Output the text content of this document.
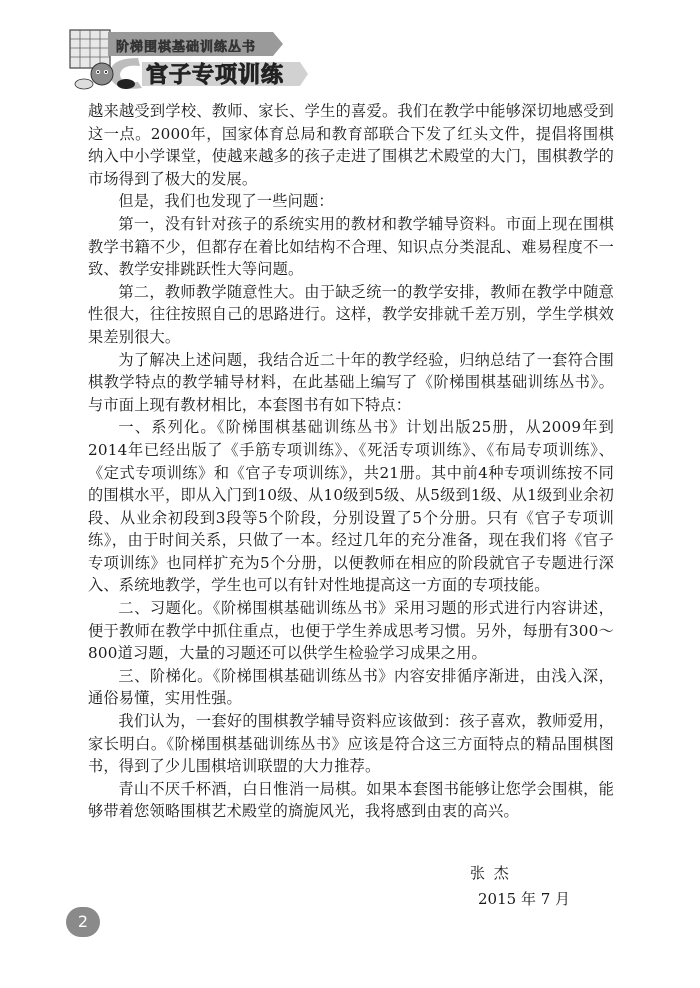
阶梯围棋基础训练丛书
官子专项训练

越来越受到学校、教师、家长、学生的喜爱。我们在教学中能够深切地感受到这一点。2000年，国家体育总局和教育部联合下发了红头文件，提倡将围棋纳入中小学课堂，使越来越多的孩子走进了围棋艺术殿堂的大门，围棋教学的市场得到了极大的发展。

但是，我们也发现了一些问题：

第一，没有针对孩子的系统实用的教材和教学辅导资料。市面上现在围棋教学书籍不少，但都存在着比如结构不合理、知识点分类混乱、难易程度不一致、教学安排跳跃性大等问题。

第二，教师教学随意性大。由于缺乏统一的教学安排，教师在教学中随意性很大，往往按照自己的思路进行。这样，教学安排就千差万别，学生学棋效果差别很大。

为了解决上述问题，我结合近二十年的教学经验，归纳总结了一套符合围棋教学特点的教学辅导材料，在此基础上编写了《阶梯围棋基础训练丛书》。与市面上现有教材相比，本套图书有如下特点：

一、系列化。《阶梯围棋基础训练丛书》计划出版25册，从2009年到2014年已经出版了《手筋专项训练》、《死活专项训练》、《布局专项训练》、《定式专项训练》和《官子专项训练》，共21册。其中前4种专项训练按不同的围棋水平，即从入门到10级、从10级到5级、从5级到1级、从1级到业余初段、从业余初段到3段等5个阶段，分别设置了5个分册。只有《官子专项训练》，由于时间关系，只做了一本。经过几年的充分准备，现在我们将《官子专项训练》也同样扩充为5个分册，以便教师在相应的阶段就官子专题进行深入、系统地教学，学生也可以有针对性地提高这一方面的专项技能。

二、习题化。《阶梯围棋基础训练丛书》采用习题的形式进行内容讲述，便于教师在教学中抓住重点，也便于学生养成思考习惯。另外，每册有300～800道习题，大量的习题还可以供学生检验学习成果之用。

三、阶梯化。《阶梯围棋基础训练丛书》内容安排循序渐进，由浅入深，通俗易懂，实用性强。

我们认为，一套好的围棋教学辅导资料应该做到：孩子喜欢，教师爱用，家长明白。《阶梯围棋基础训练丛书》应该是符合这三方面特点的精品围棋图书，得到了少儿围棋培训联盟的大力推荐。

青山不厌千杯酒，白日惟消一局棋。如果本套图书能够让您学会围棋，能够带着您领略围棋艺术殿堂的旖旎风光，我将感到由衷的高兴。

张 杰
2015 年 7 月
2
